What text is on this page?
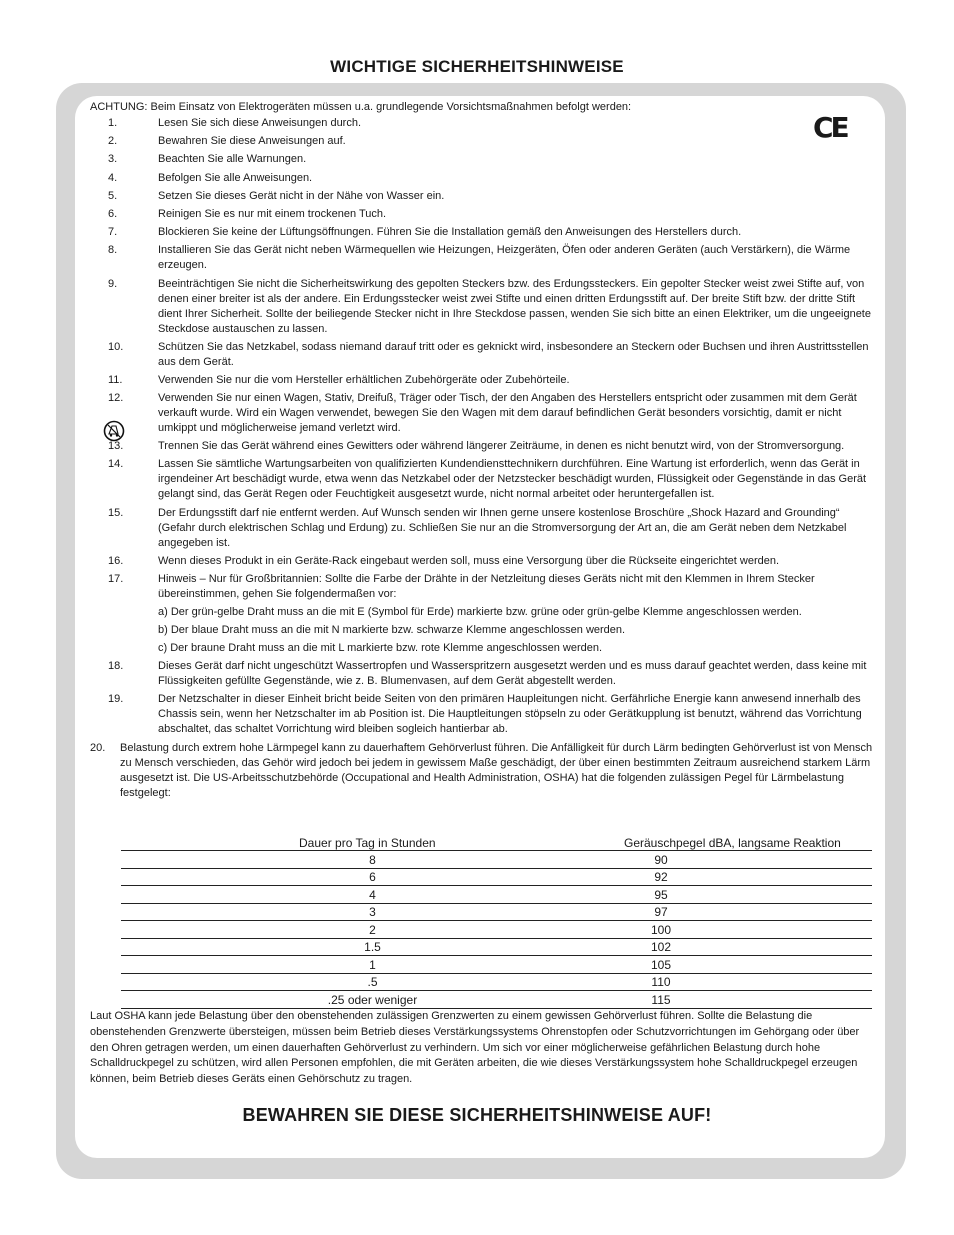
WICHTIGE SICHERHEITSHINWEISE
CE
ACHTUNG: Beim Einsatz von Elektrogeräten müssen u.a. grundlegende Vorsichtsmaßnahmen befolgt werden:
1.	Lesen Sie sich diese Anweisungen durch.
2.	Bewahren Sie diese Anweisungen auf.
3.	Beachten Sie alle Warnungen.
4.	Befolgen Sie alle Anweisungen.
5.	Setzen Sie dieses Gerät nicht in der Nähe von Wasser ein.
6.	Reinigen Sie es nur mit einem trockenen Tuch.
7.	Blockieren Sie keine der Lüftungsöffnungen. Führen Sie die Installation gemäß den Anweisungen des Herstellers durch.
8.	Installieren Sie das Gerät nicht neben Wärmequellen wie Heizungen, Heizgeräten, Öfen oder anderen Geräten (auch Verstärkern), die Wärme erzeugen.
9.	Beeinträchtigen Sie nicht die Sicherheitswirkung des gepolten Steckers bzw. des Erdungssteckers. Ein gepolter Stecker weist zwei Stifte auf, von denen einer breiter ist als der andere. Ein Erdungsstecker weist zwei Stifte und einen dritten Erdungsstift auf. Der breite Stift bzw. der dritte Stift dient Ihrer Sicherheit. Sollte der beiliegende Stecker nicht in Ihre Steckdose passen, wenden Sie sich bitte an einen Elektriker, um die ungeeignete Steckdose austauschen zu lassen.
10.	Schützen Sie das Netzkabel, sodass niemand darauf tritt oder es geknickt wird, insbesondere an Steckern oder Buchsen und ihren Austrittsstellen aus dem Gerät.
11.	Verwenden Sie nur die vom Hersteller erhältlichen Zubehörgeräte oder Zubehörteile.
12.	Verwenden Sie nur einen Wagen, Stativ, Dreifuß, Träger oder Tisch, der den Angaben des Herstellers entspricht oder zusammen mit dem Gerät verkauft wurde. Wird ein Wagen verwendet, bewegen Sie den Wagen mit dem darauf befindlichen Gerät besonders vorsichtig, damit er nicht umkippt und möglicherweise jemand verletzt wird.
13.	Trennen Sie das Gerät während eines Gewitters oder während längerer Zeiträume, in denen es nicht benutzt wird, von der Stromversorgung.
14.	Lassen Sie sämtliche Wartungsarbeiten von qualifizierten Kundendiensttechnikern durchführen. Eine Wartung ist erforderlich, wenn das Gerät in irgendeiner Art beschädigt wurde, etwa wenn das Netzkabel oder der Netzstecker beschädigt wurden, Flüssigkeit oder Gegenstände in das Gerät gelangt sind, das Gerät Regen oder Feuchtigkeit ausgesetzt wurde, nicht normal arbeitet oder heruntergefallen ist.
15.	Der Erdungsstift darf nie entfernt werden. Auf Wunsch senden wir Ihnen gerne unsere kostenlose Broschüre „Shock Hazard and Grounding“ (Gefahr durch elektrischen Schlag und Erdung) zu. Schließen Sie nur an die Stromversorgung der Art an, die am Gerät neben dem Netzkabel angegeben ist.
16.	Wenn dieses Produkt in ein Geräte-Rack eingebaut werden soll, muss eine Versorgung über die Rückseite eingerichtet werden.
17.	Hinweis – Nur für Großbritannien: Sollte die Farbe der Drähte in der Netzleitung dieses Geräts nicht mit den Klemmen in Ihrem Stecker übereinstimmen, gehen Sie folgendermaßen vor:
a) Der grün-gelbe Draht muss an die mit E (Symbol für Erde) markierte bzw. grüne oder grün-gelbe Klemme angeschlossen werden.
b) Der blaue Draht muss an die mit N markierte bzw. schwarze Klemme angeschlossen werden.
c) Der braune Draht muss an die mit L markierte bzw. rote Klemme angeschlossen werden.
18.	Dieses Gerät darf nicht ungeschützt Wassertropfen und Wasserspritzern ausgesetzt werden und es muss darauf geachtet werden, dass keine mit Flüssigkeiten gefüllte Gegenstände, wie z. B. Blumenvasen, auf dem Gerät abgestellt werden.
19.	Der Netzschalter in dieser Einheit bricht beide Seiten von den primären Haupleitungen nicht. Gerfährliche Energie kann anwesend innerhalb des Chassis sein, wenn her Netzschalter im ab Position ist. Die Hauptleitungen stöpseln zu oder Gerätkupplung ist benutzt, während das Vorrichtung abschaltet, das schaltet Vorrichtung wird bleiben sogleich hantierbar ab.
20. Belastung durch extrem hohe Lärmpegel kann zu dauerhaftem Gehörverlust führen. Die Anfälligkeit für durch Lärm bedingten Gehörverlust ist von Mensch zu Mensch verschieden, das Gehör wird jedoch bei jedem in gewissem Maße geschädigt, der über einen bestimmten Zeitraum ausreichend starkem Lärm ausgesetzt ist. Die US-Arbeitsschutzbehörde (Occupational and Health Administration, OSHA) hat die folgenden zulässigen Pegel für Lärmbelastung festgelegt:
Dauer pro Tag in Stunden	Geräuschpegel dBA, langsame Reaktion
8	90
6	92
4	95
3	97
2	100
1.5	102
1	105
.5	110
.25 oder weniger	115
Laut OSHA kann jede Belastung über den obenstehenden zulässigen Grenzwerten zu einem gewissen Gehörverlust führen. Sollte die Belastung die obenstehenden Grenzwerte übersteigen, müssen beim Betrieb dieses Verstärkungssystems Ohrenstopfen oder Schutzvorrichtungen im Gehörgang oder über den Ohren getragen werden, um einen dauerhaften Gehörverlust zu verhindern. Um sich vor einer möglicherweise gefährlichen Belastung durch hohe Schalldruckpegel zu schützen, wird allen Personen empfohlen, die mit Geräten arbeiten, die wie dieses Verstärkungssystem hohe Schalldruckpegel erzeugen können, beim Betrieb dieses Geräts einen Gehörschutz zu tragen.
BEWAHREN SIE DIESE SICHERHEITSHINWEISE AUF!
